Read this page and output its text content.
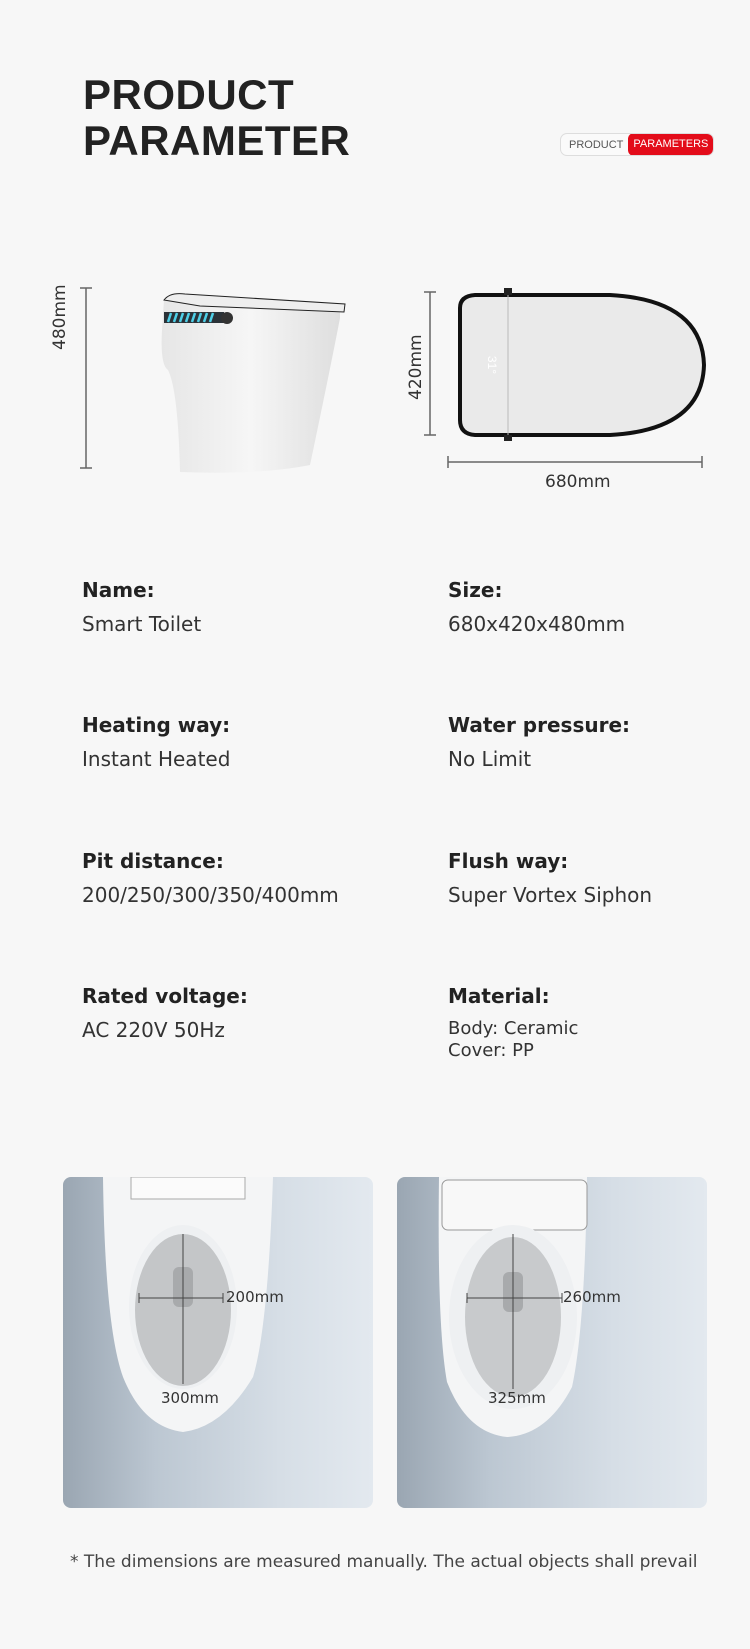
PRODUCT
PARAMETER	PRODUCT PARAMETERS
480mm
31°
420mm
680mm
Name:
Smart Toilet
Size:
680x420x480mm
Heating way:
Instant Heated
Water pressure:
No Limit
Pit distance:
200/250/300/350/400mm
Flush way:
Super Vortex Siphon
Rated voltage:
AC 220V 50Hz
Material:
Body: Ceramic
Cover: PP
200mm
300mm
260mm
325mm
* The dimensions are measured manually. The actual objects shall prevail
